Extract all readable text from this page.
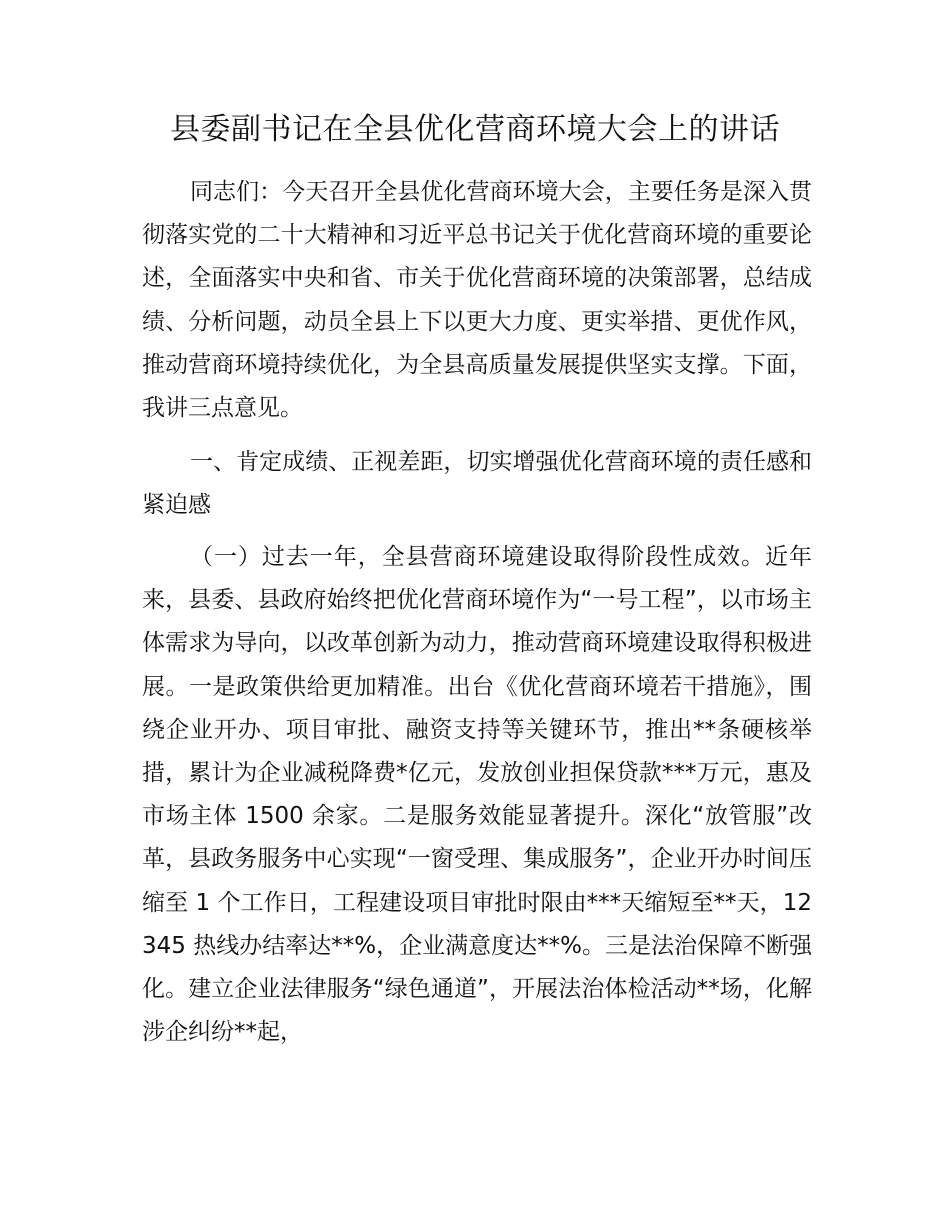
县委副书记在全县优化营商环境大会上的讲话

同志们：今天召开全县优化营商环境大会，主要任务是深入贯彻落实党的二十大精神和习近平总书记关于优化营商环境的重要论述，全面落实中央和省、市关于优化营商环境的决策部署，总结成绩、分析问题，动员全县上下以更大力度、更实举措、更优作风，推动营商环境持续优化，为全县高质量发展提供坚实支撑。下面，我讲三点意见。

一、肯定成绩、正视差距，切实增强优化营商环境的责任感和紧迫感

（一）过去一年，全县营商环境建设取得阶段性成效。近年来，县委、县政府始终把优化营商环境作为“一号工程”，以市场主体需求为导向，以改革创新为动力，推动营商环境建设取得积极进展。一是政策供给更加精准。出台《优化营商环境若干措施》，围绕企业开办、项目审批、融资支持等关键环节，推出**条硬核举措，累计为企业减税降费*亿元，发放创业担保贷款***万元，惠及市场主体 1500 余家。二是服务效能显著提升。深化“放管服”改革，县政务服务中心实现“一窗受理、集成服务”，企业开办时间压缩至 1 个工作日，工程建设项目审批时限由***天缩短至**天，12345 热线办结率达**%，企业满意度达**%。三是法治保障不断强化。建立企业法律服务“绿色通道”，开展法治体检活动**场，化解涉企纠纷**起，
